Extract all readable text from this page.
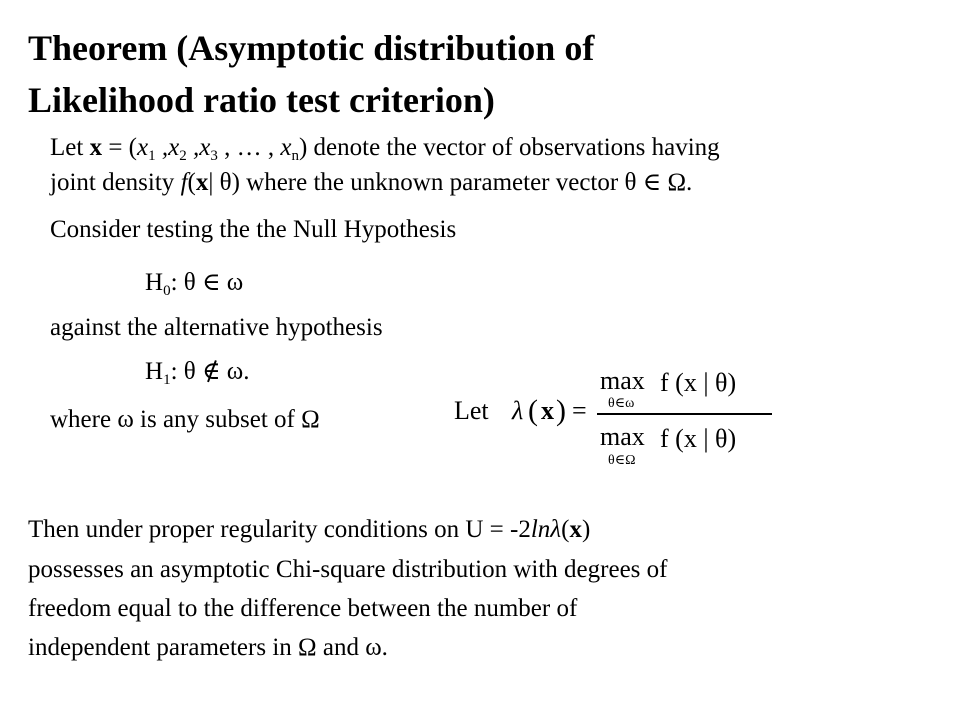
Theorem (Asymptotic distribution of
Likelihood ratio test criterion)
Let $x = (x_1$ $,x_2$ $,x_3$ , … , $x_n$) denote the vector of observations having
joint density f(x| θ) where the unknown parameter vector θ ∈ Ω.
Consider testing the the Null Hypothesis
$H_0$: θ ∈ ω
against the alternative hypothesis
$H_1$: θ ∉ ω.
where ω is any subset of Ω	Let λ ( x ) =
max
θ∈ω
f (x | θ)
max
θ∈Ω
f (x | θ)
Then under proper regularity conditions on U = -2lnλ(x)
possesses an asymptotic Chi-square distribution with degrees of
freedom equal to the difference between the number of
independent parameters in Ω and ω.
